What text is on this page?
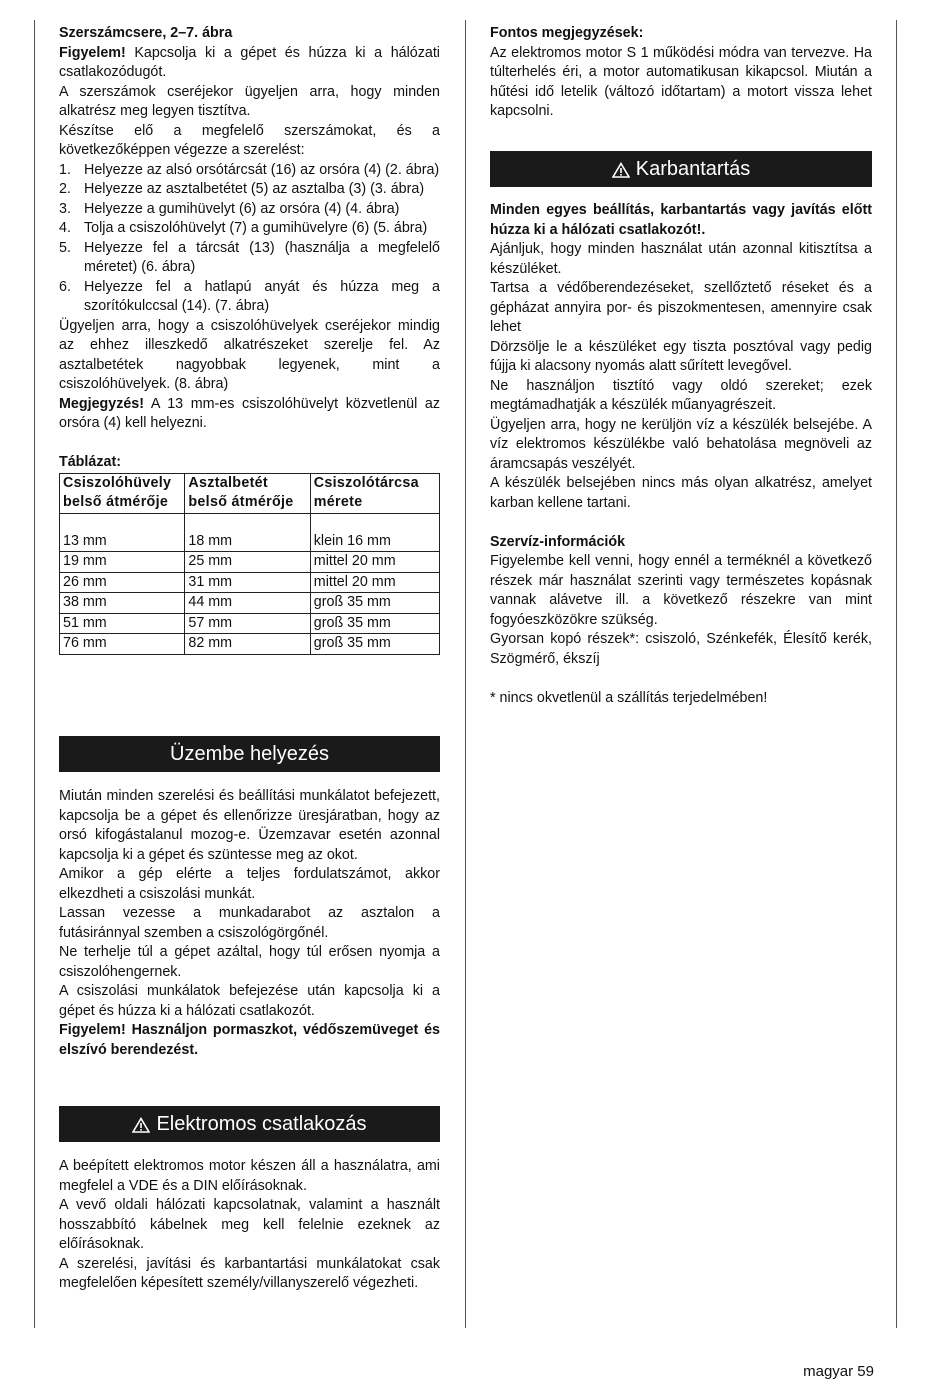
Szerszámcsere, 2–7. ábra

Figyelem! Kapcsolja ki a gépet és húzza ki a hálózati csatlakozódugót.

A szerszámok cseréjekor ügyeljen arra, hogy minden alkatrész meg legyen tisztítva.

Készítse elő a megfelelő szerszámokat, és a következőképpen végezze a szerelést:

1. Helyezze az alsó orsótárcsát (16) az orsóra (4) (2. ábra)
2. Helyezze az asztalbetétet (5) az asztalba (3) (3. ábra)
3. Helyezze a gumihüvelyt (6) az orsóra (4) (4. ábra)
4. Tolja a csiszolóhüvelyt (7) a gumihüvelyre (6) (5. ábra)
5. Helyezze fel a tárcsát (13) (használja a megfelelő méretet) (6. ábra)
6. Helyezze fel a hatlapú anyát és húzza meg a szorítókulccsal (14). (7. ábra)

Ügyeljen arra, hogy a csiszolóhüvelyek cseréjekor mindig az ehhez illeszkedő alkatrészeket szerelje fel. Az asztalbetétek nagyobbak legyenek, mint a csiszolóhüvelyek. (8. ábra)

Megjegyzés! A 13 mm-es csiszolóhüvelyt közvetlenül az orsóra (4) kell helyezni.

Táblázat:

Csiszolóhüvely belső átmérője	Asztalbetét belső átmérője	Csiszolótárcsa mérete
13 mm	18 mm	klein 16 mm
19 mm	25 mm	mittel 20 mm
26 mm	31 mm	mittel 20 mm
38 mm	44 mm	groß 35 mm
51 mm	57 mm	groß 35 mm
76 mm	82 mm	groß 35 mm

Üzembe helyezés

Miután minden szerelési és beállítási munkálatot befejezett, kapcsolja be a gépet és ellenőrizze üresjáratban, hogy az orsó kifogástalanul mozog-e. Üzemzavar esetén azonnal kapcsolja ki a gépet és szüntesse meg az okot.

Amikor a gép elérte a teljes fordulatszámot, akkor elkezdheti a csiszolási munkát.

Lassan vezesse a munkadarabot az asztalon a futásiránnyal szemben a csiszológörgőnél.

Ne terhelje túl a gépet azáltal, hogy túl erősen nyomja a csiszolóhengernek.

A csiszolási munkálatok befejezése után kapcsolja ki a gépet és húzza ki a hálózati csatlakozót.

Figyelem! Használjon pormaszkot, védőszemüveget és elszívó berendezést.

Elektromos csatlakozás

A beépített elektromos motor készen áll a használatra, ami megfelel a VDE és a DIN előírásoknak.

A vevő oldali hálózati kapcsolatnak, valamint a használt hosszabbító kábelnek meg kell felelnie ezeknek az előírásoknak.

A szerelési, javítási és karbantartási munkálatokat csak megfelelően képesített személy/villanyszerelő végezheti.

Fontos megjegyzések:

Az elektromos motor S 1 működési módra van tervezve. Ha túlterhelés éri, a motor automatikusan kikapcsol. Miután a hűtési idő letelik (változó időtartam) a motort vissza lehet kapcsolni.

Karbantartás

Minden egyes beállítás, karbantartás vagy javítás előtt húzza ki a hálózati csatlakozót!.

Ajánljuk, hogy minden használat után azonnal kitisztítsa a készüléket.

Tartsa a védőberendezéseket, szellőztető réseket és a gépházat annyira por- és piszokmentesen, amennyire csak lehet

Dörzsölje le a készüléket egy tiszta posztóval vagy pedig fújja ki alacsony nyomás alatt sűrített levegővel.

Ne használjon tisztító vagy oldó szereket; ezek megtámadhatják a készülék műanyagrészeit.

Ügyeljen arra, hogy ne kerüljön víz a készülék belsejébe. A víz elektromos készülékbe való behatolása megnöveli az áramcsapás veszélyét.

A készülék belsejében nincs más olyan alkatrész, amelyet karban kellene tartani.

Szervíz-információk

Figyelembe kell venni, hogy ennél a terméknél a következő részek már használat szerinti vagy természetes kopásnak vannak alávetve ill. a következő részekre van mint fogyóeszközökre szükség.

Gyorsan kopó részek*: csiszoló, Szénkefék, Élesítő kerék, Szögmérő, ékszíj

* nincs okvetlenül a szállítás terjedelmében!

magyar 59
